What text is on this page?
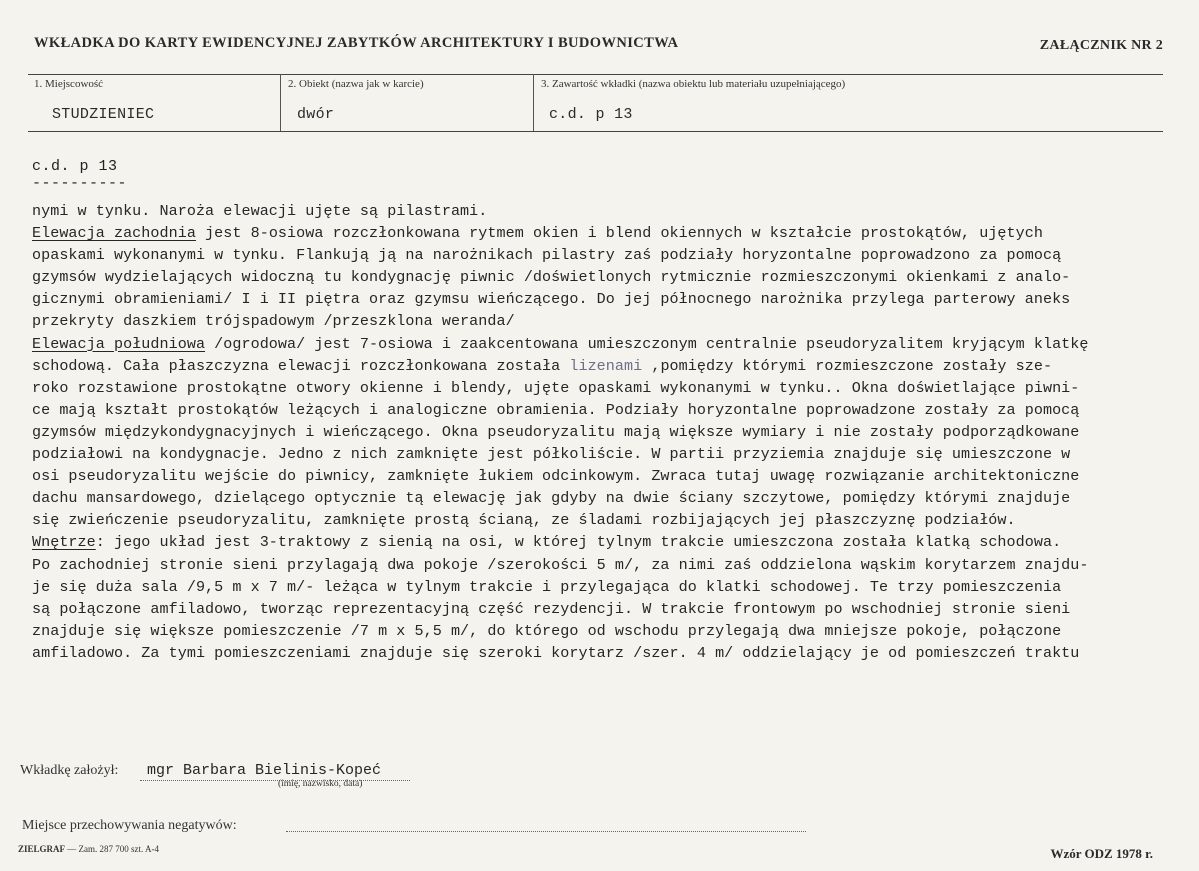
WKŁADKA DO KARTY EWIDENCYJNEJ ZABYTKÓW ARCHITEKTURY I BUDOWNICTWA	ZAŁĄCZNIK NR 2
1. Miejscowość
STUDZIENIEC
2. Obiekt (nazwa jak w karcie)
dwór
3. Zawartość wkładki (nazwa obiektu lub materiału uzupełniającego)
c.d. p 13
c.d. p 13
----------
nymi w tynku. Naroża elewacji ujęte są pilastrami.
Elewacja zachodnia jest 8-osiowa rozczłonkowana rytmem okien i blend okiennych w kształcie prostokątów, ujętych
opaskami wykonanymi w tynku. Flankują ją na narożnikach pilastry zaś podziały horyzontalne poprowadzono za pomocą
gzymsów wydzielających widoczną tu kondygnację piwnic /doświetlonych rytmicznie rozmieszczonymi okienkami z analo-
gicznymi obramieniami/ I i II piętra oraz gzymsu wieńczącego. Do jej północnego narożnika przylega parterowy aneks
przekryty daszkiem trójspadowym /przeszklona weranda/
Elewacja południowa /ogrodowa/ jest 7-osiowa i zaakcentowana umieszczonym centralnie pseudoryzalitem kryjącym klatkę
schodową. Cała płaszczyzna elewacji rozczłonkowana została lizenami ,pomiędzy którymi rozmieszczone zostały sze-
roko rozstawione prostokątne otwory okienne i blendy, ujęte opaskami wykonanymi w tynku.. Okna doświetlające piwni-
ce mają kształt prostokątów leżących i analogiczne obramienia. Podziały horyzontalne poprowadzone zostały za pomocą
gzymsów międzykondygnacyjnych i wieńczącego. Okna pseudoryzalitu mają większe wymiary i nie zostały podporządkowane
podziałowi na kondygnacje. Jedno z nich zamknięte jest półkoliście. W partii przyziemia znajduje się umieszczone w
osi pseudoryzalitu wejście do piwnicy, zamknięte łukiem odcinkowym. Zwraca tutaj uwagę rozwiązanie architektoniczne
dachu mansardowego, dzielącego optycznie tą elewację jak gdyby na dwie ściany szczytowe, pomiędzy którymi znajduje
się zwieńczenie pseudoryzalitu, zamknięte prostą ścianą, ze śladami rozbijających jej płaszczyznę podziałów.
Wnętrze: jego układ jest 3-traktowy z sienią na osi, w której tylnym trakcie umieszczona została klatką schodowa.
Po zachodniej stronie sieni przylagają dwa pokoje /szerokości 5 m/, za nimi zaś oddzielona wąskim korytarzem znajdu-
je się duża sala /9,5 m x 7 m/- leżąca w tylnym trakcie i przylegająca do klatki schodowej. Te trzy pomieszczenia
są połączone amfiladowo, tworząc reprezentacyjną część rezydencji. W trakcie frontowym po wschodniej stronie sieni
znajduje się większe pomieszczenie /7 m x 5,5 m/, do którego od wschodu przylegają dwa mniejsze pokoje, połączone
amfiladowo. Za tymi pomieszczeniami znajduje się szeroki korytarz /szer. 4 m/ oddzielający je od pomieszczeń traktu
Wkładkę założył: mgr Barbara Bielinis-Kopeć
(imię, nazwisko, data)
Miejsce przechowywania negatywów:
ZIELGRAF — Zam. 287 700 szt. A-4	Wzór ODZ 1978 r.
